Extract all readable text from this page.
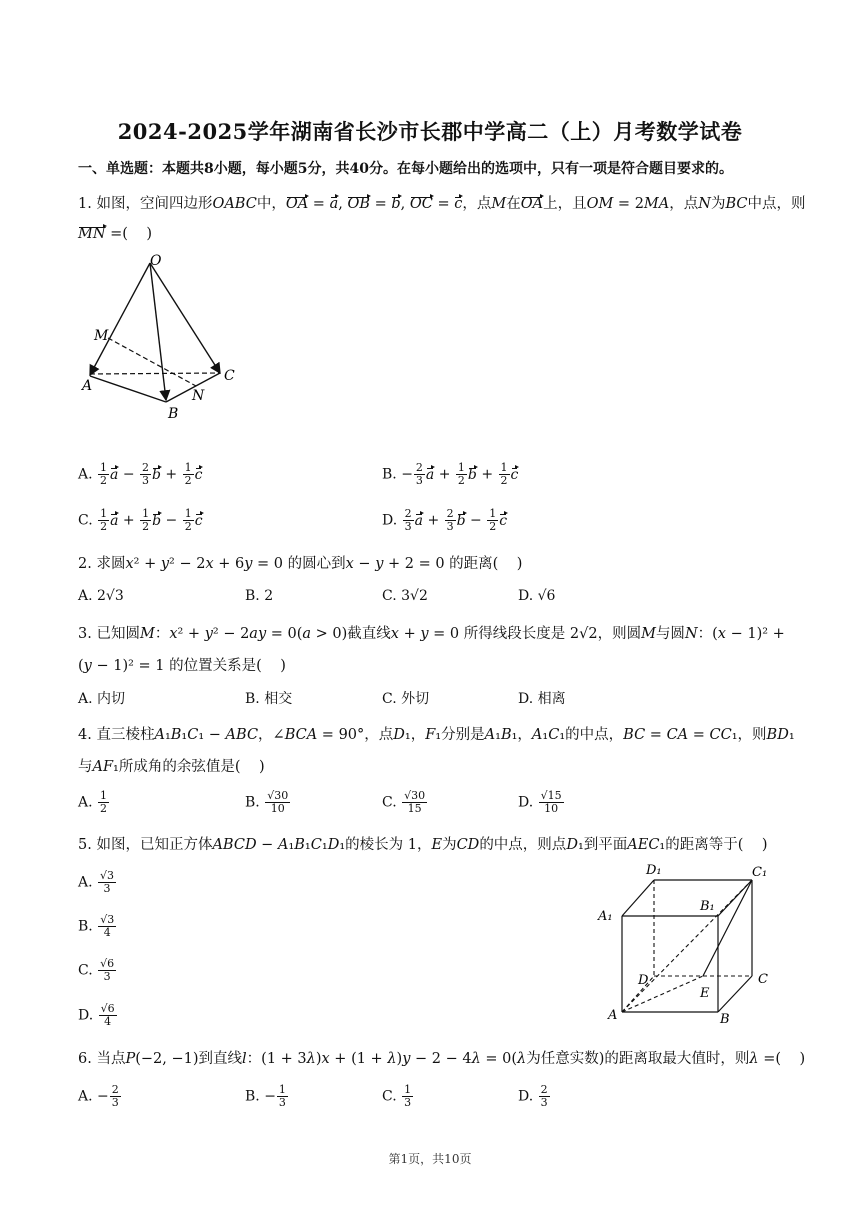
2024-2025学年湖南省长沙市长郡中学高二（上）月考数学试卷
一、单选题：本题共8小题，每小题5分，共40分。在每小题给出的选项中，只有一项是符合题目要求的。
1. 如图，空间四边形OABC中，OA = a, OB = b, OC = c，点M在OA上，且OM = 2MA，点N为BC中点，则
MN =(    )
O
M
A
B
N
C
A. $\frac{1}{2}$ $a - \frac{2}{3}$ $b + \frac{1}{2}$ c	B. − $\frac{2}{3}$ $a + \frac{1}{2}$ $b + \frac{1}{2}$ c
C. $\frac{1}{2}$ $a + \frac{1}{2}$ $b - \frac{1}{2}$ c	D. $\frac{2}{3}$ $a + \frac{2}{3}$ $b - \frac{1}{2}$ c
2. 求圆x² + y² − 2x + 6y = 0 的圆心到x − y + 2 = 0 的距离(    )
A. 2√3	B. 2	C. 3√2	D. √6
3. 已知圆M：x² + y² − 2ay = 0(a > 0)截直线x + y = 0 所得线段长度是 2√2，则圆M与圆N：(x − 1)² +
(y − 1)² = 1 的位置关系是(    )
A. 内切	B. 相交	C. 外切	D. 相离
4. 直三棱柱A₁B₁C₁ − ABC，∠BCA = 90°，点D₁，F₁分别是A₁B₁，A₁C₁的中点，BC = CA = CC₁，则BD₁
与AF₁所成角的余弦值是(    )
A. $\frac{1}{2}$	B. $\frac{√30}{10}$	C. $\frac{√30}{15}$	D. $\frac{√15}{10}$
5. 如图，已知正方体ABCD − A₁B₁C₁D₁的棱长为 1，E为CD的中点，则点D₁到平面AEC₁的距离等于(    )
A. $\frac{√3}{3}$
B. $\frac{√3}{4}$
C. $\frac{√6}{3}$
D. $\frac{√6}{4}$
D₁	C₁
A₁
B₁
D	C
E
A	B
6. 当点P(−2, −1)到直线l：(1 + 3λ)x + (1 + λ)y − 2 − 4λ = 0(λ为任意实数)的距离取最大值时，则λ =(    )
A. − $\frac{2}{3}$	B. − $\frac{1}{3}$	C. $\frac{1}{3}$	D. $\frac{2}{3}$
第1页，共10页
